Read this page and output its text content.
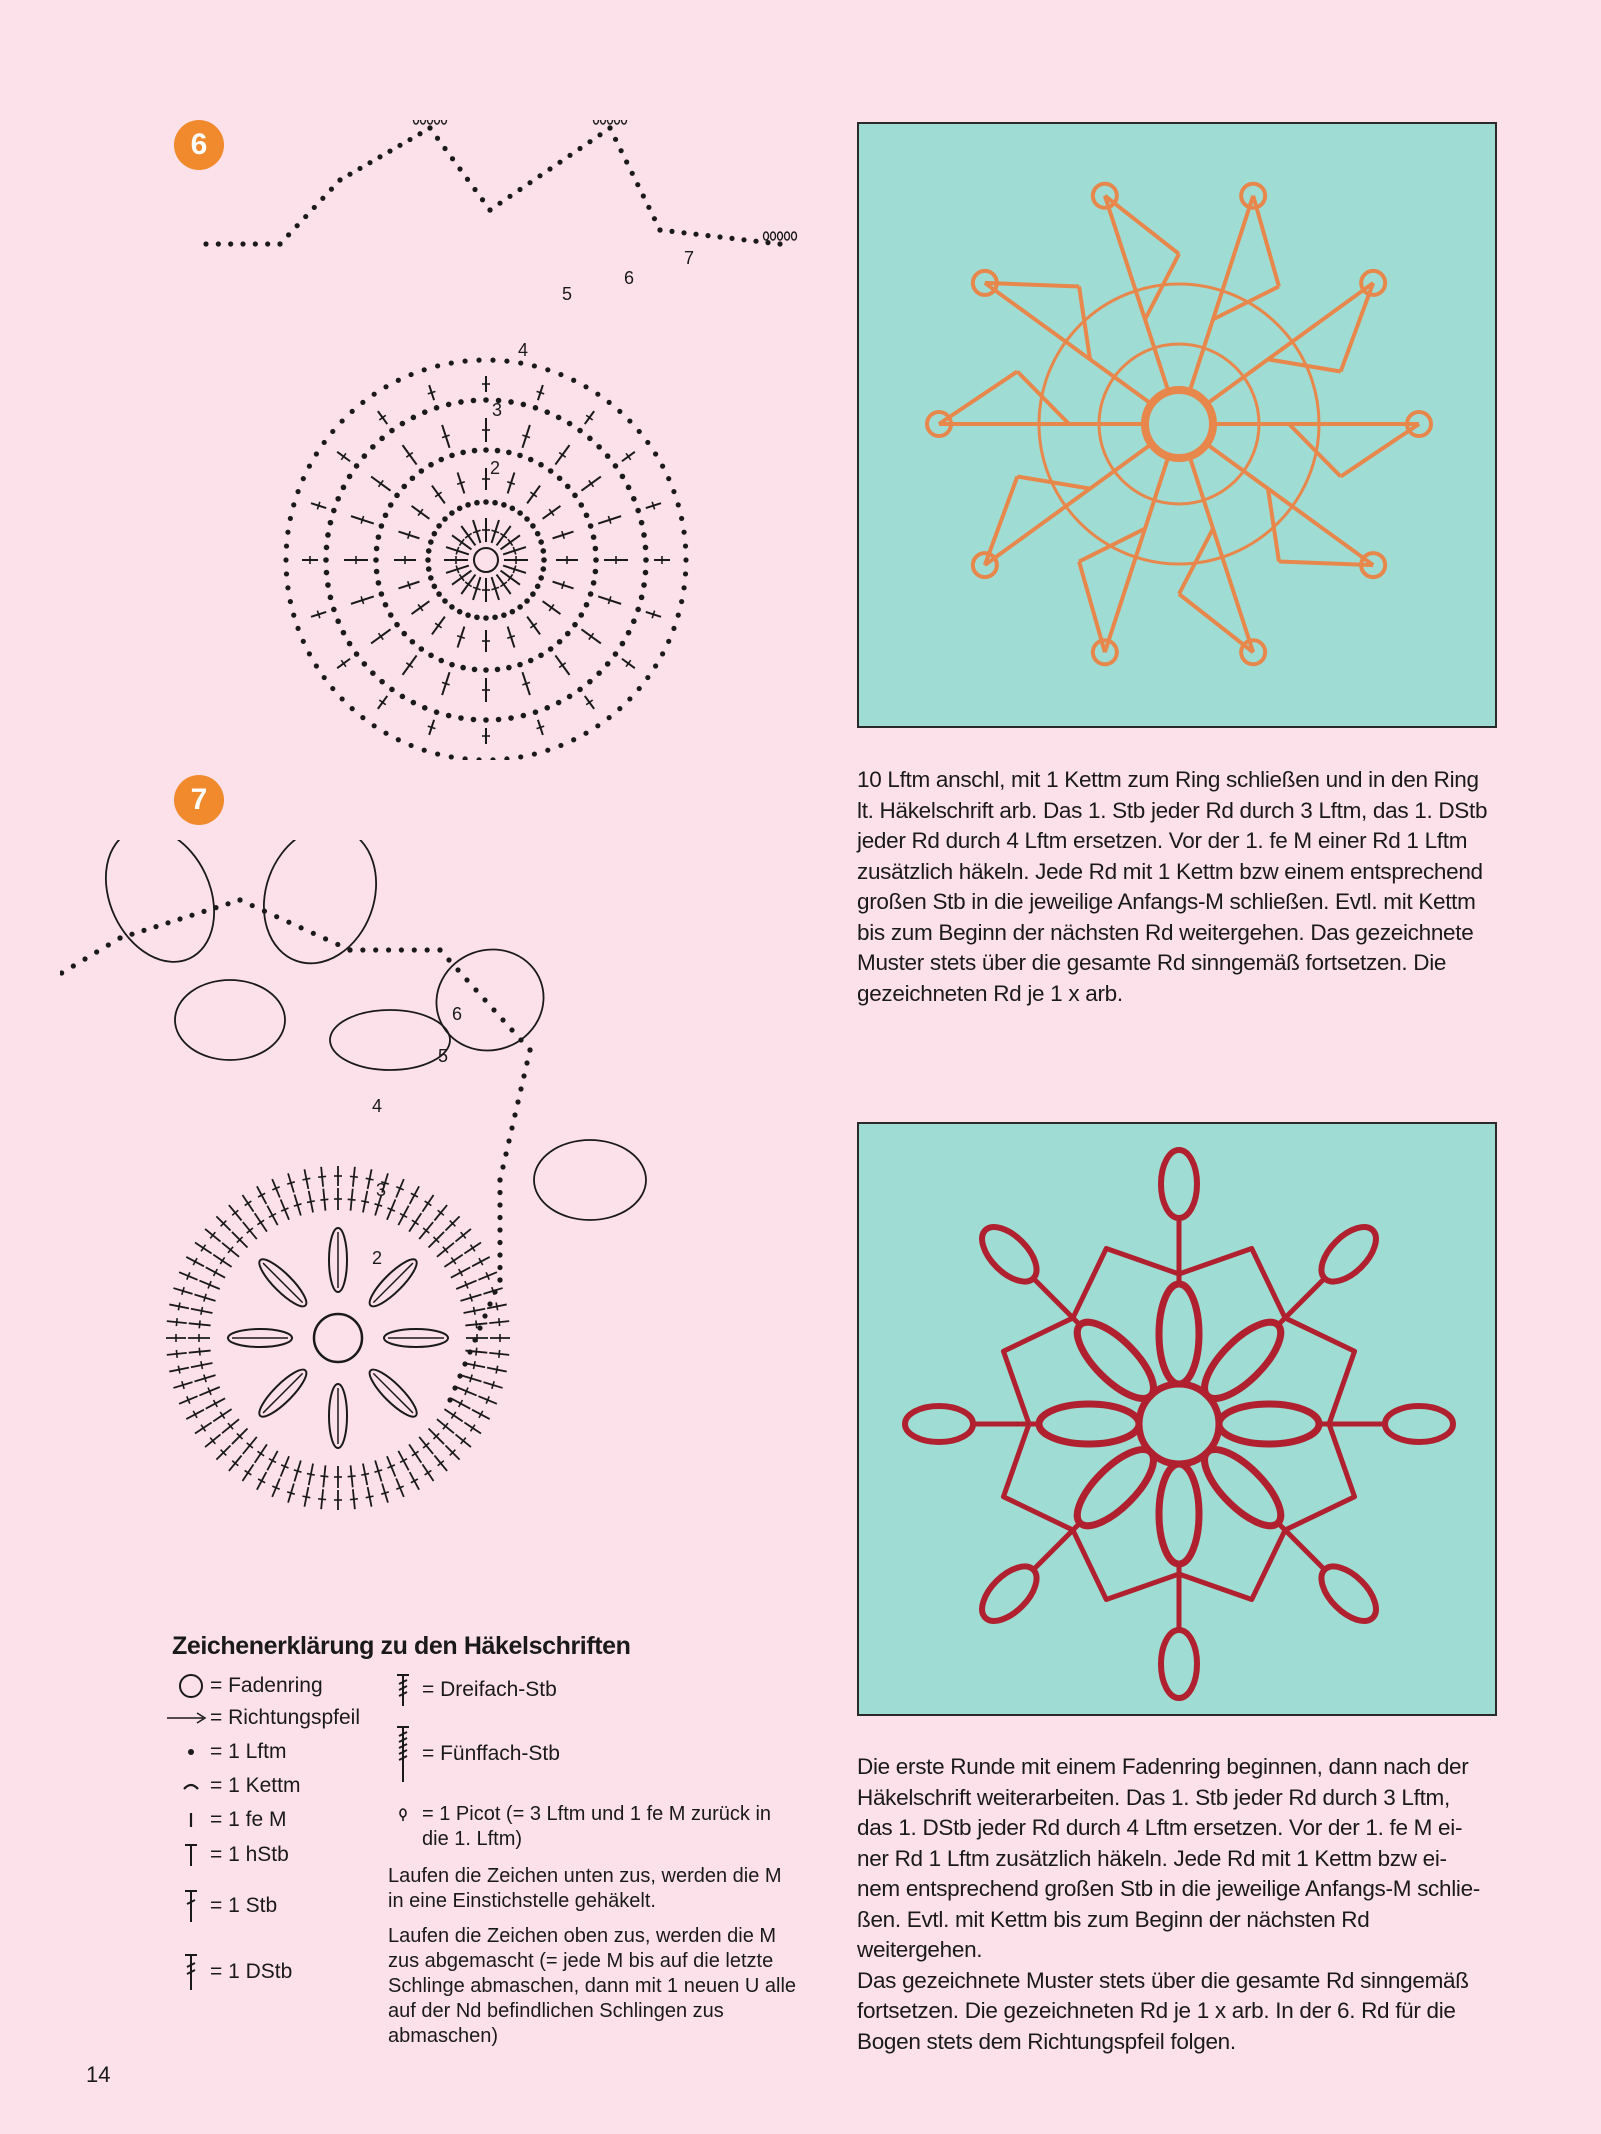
6
7
2
3
4
5
6
7

10 Lftm anschl, mit 1 Kettm zum Ring schließen und in den Ring

lt. Häkelschrift arb. Das 1. Stb jeder Rd durch 3 Lftm, das 1. DStb

jeder Rd durch 4 Lftm ersetzen. Vor der 1. fe M einer Rd 1 Lftm

zusätzlich häkeln. Jede Rd mit 1 Kettm bzw einem entsprechend

großen Stb in die jeweilige Anfangs-M schließen. Evtl. mit Kettm

bis zum Beginn der nächsten Rd weitergehen. Das gezeichnete

Muster stets über die gesamte Rd sinngemäß fortsetzen. Die

gezeichneten Rd je 1 x arb.

2
3
4
5
6

Die erste Runde mit einem Fadenring beginnen, dann nach der

Häkelschrift weiterarbeiten. Das 1. Stb jeder Rd durch 3 Lftm,

das 1. DStb jeder Rd durch 4 Lftm ersetzen. Vor der 1. fe M ei-

ner Rd 1 Lftm zusätzlich häkeln. Jede Rd mit 1 Kettm bzw ei-

nem entsprechend großen Stb in die jeweilige Anfangs-M schlie-

ßen. Evtl. mit Kettm bis zum Beginn der nächsten Rd weitergehen.

Das gezeichnete Muster stets über die gesamte Rd sinngemäß

fortsetzen. Die gezeichneten Rd je 1 x arb. In der 6. Rd für die

Bogen stets dem Richtungspfeil folgen.

Zeichenerklärung zu den Häkelschriften
= Fadenring
= Richtungspfeil
= 1 Lftm
= 1 Kettm
= 1 fe M
= 1 hStb
= 1 Stb
= 1 DStb
= Dreifach-Stb
= Fünffach-Stb
= 1 Picot (= 3 Lftm und 1 fe M zurück in die 1. Lftm)
Laufen die Zeichen unten zus, werden die M in eine Einstichstelle gehäkelt.
Laufen die Zeichen oben zus, werden die M zus abgemascht (= jede M bis auf die letzte Schlinge abmaschen, dann mit 1 neuen U alle auf der Nd befindlichen Schlingen zus abmaschen)
14
